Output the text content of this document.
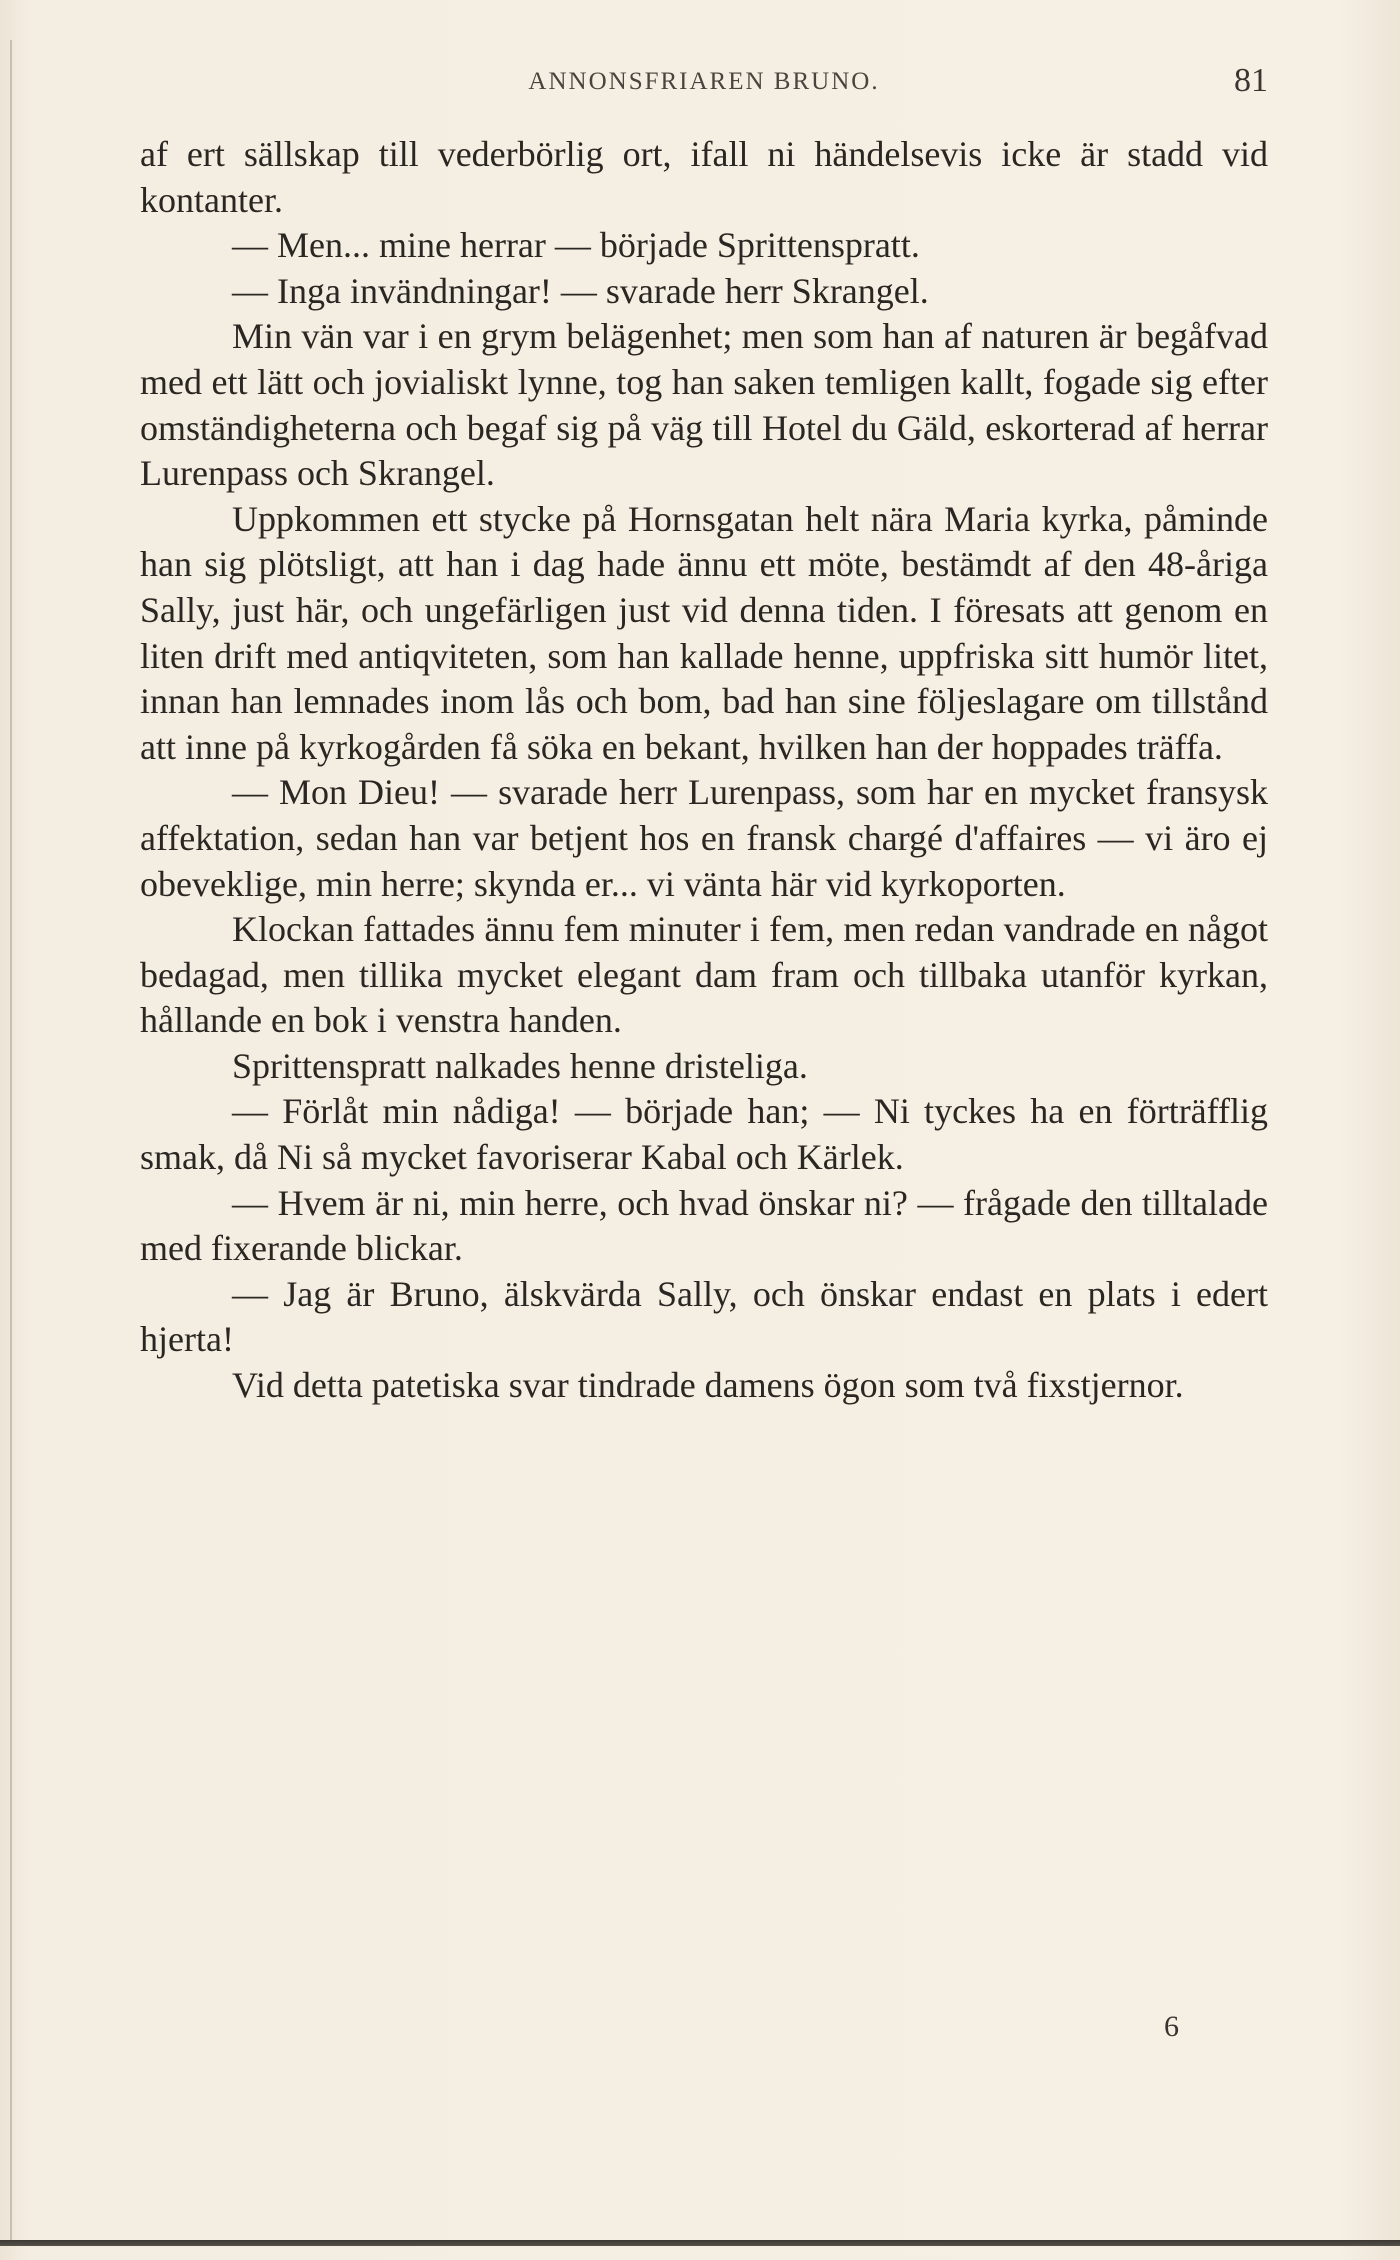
ANNONSFRIAREN BRUNO.	81

af ert sällskap till vederbörlig ort, ifall ni händelsevis icke är stadd vid kontanter.

— Men... mine herrar — började Sprittenspratt.

— Inga invändningar! — svarade herr Skrangel.

Min vän var i en grym belägenhet; men som han af naturen är begåfvad med ett lätt och jovialiskt lynne, tog han saken temligen kallt, fogade sig efter omständigheterna och begaf sig på väg till Hotel du Gäld, eskorterad af herrar Lurenpass och Skrangel.

Uppkommen ett stycke på Hornsgatan helt nära Maria kyrka, påminde han sig plötsligt, att han i dag hade ännu ett möte, bestämdt af den 48-åriga Sally, just här, och ungefärligen just vid denna tiden. I föresats att genom en liten drift med antiqviteten, som han kallade henne, uppfriska sitt humör litet, innan han lemnades inom lås och bom, bad han sine följeslagare om tillstånd att inne på kyrkogården få söka en bekant, hvilken han der hoppades träffa.

— Mon Dieu! — svarade herr Lurenpass, som har en mycket fransysk affektation, sedan han var betjent hos en fransk chargé d'affaires — vi äro ej obeveklige, min herre; skynda er... vi vänta här vid kyrkoporten.

Klockan fattades ännu fem minuter i fem, men redan vandrade en något bedagad, men tillika mycket elegant dam fram och tillbaka utanför kyrkan, hållande en bok i venstra handen.

Sprittenspratt nalkades henne dristeliga.

— Förlåt min nådiga! — började han; — Ni tyckes ha en förträfflig smak, då Ni så mycket favoriserar Kabal och Kärlek.

— Hvem är ni, min herre, och hvad önskar ni? — frågade den tilltalade med fixerande blickar.

— Jag är Bruno, älskvärda Sally, och önskar endast en plats i edert hjerta!

Vid detta patetiska svar tindrade damens ögon som två fixstjernor.

6
